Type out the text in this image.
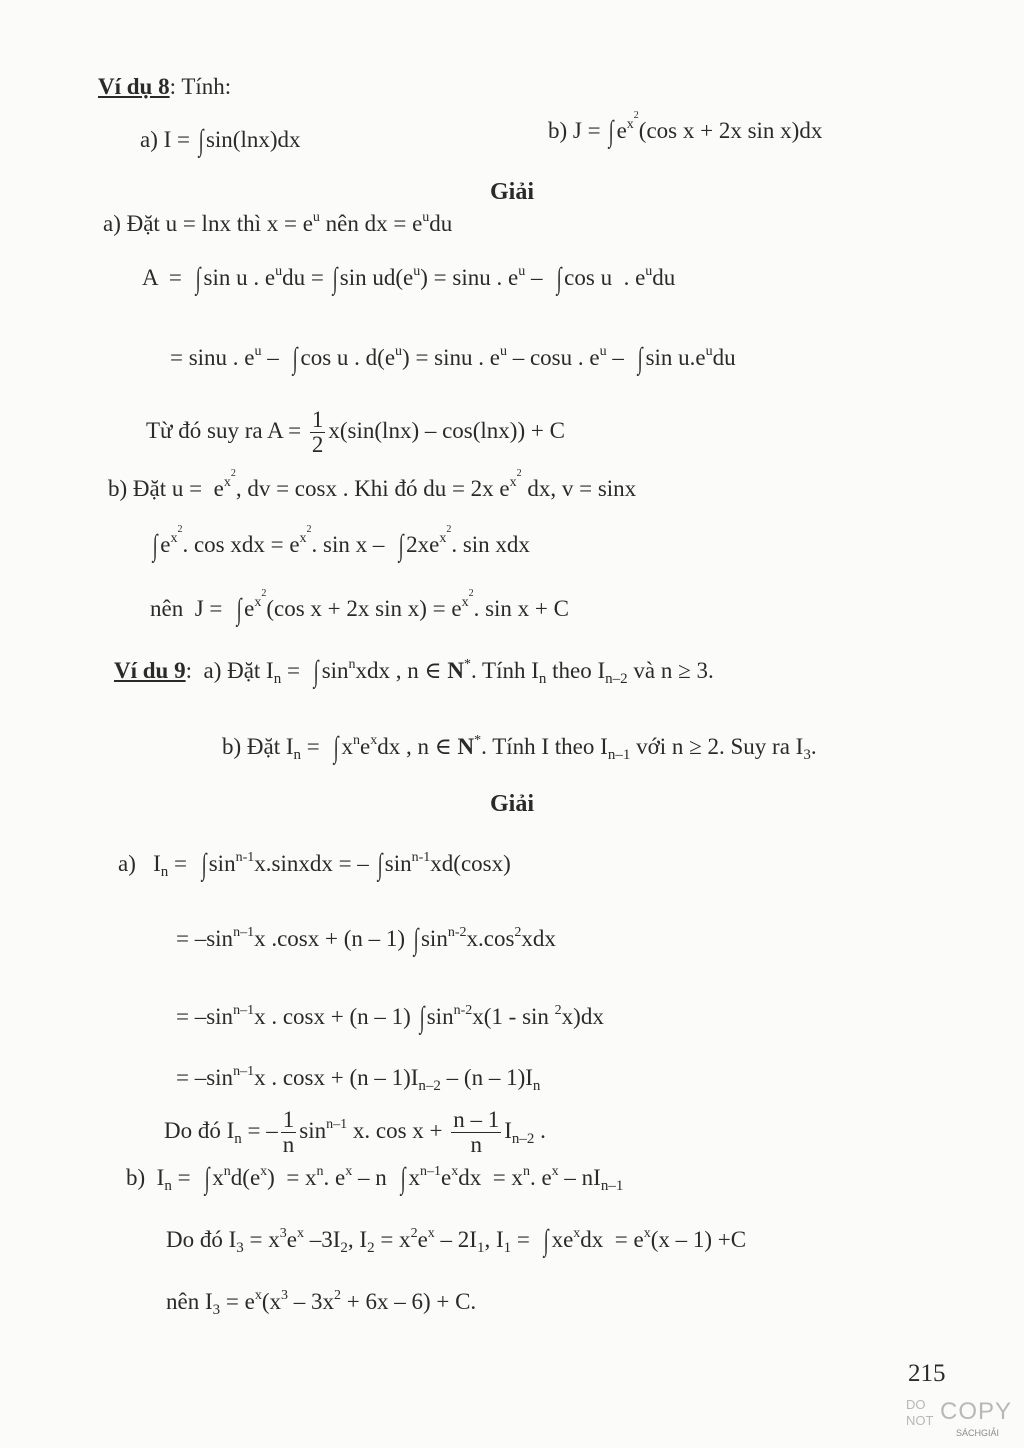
Ví dụ 8: Tính:
a) I = ∫ sin(lnx)dx	b) J = ∫ $e^{x^2}(\cos$ x + 2x sin x)dx
Giải
a) Đặt u = lnx thì $x = e^u$ nên dx = $e^udu$
A  =  ∫ sin u . $e^udu$ = ∫ $\sin ud(e^u) = \sin u$ . $e^u$ –  ∫ cos u  . $e^udu$
= sinu . $e^u$ –  ∫ cos u . $d(e^u) = \sin u$ . $e^u$ – cosu . $e^u$ –  ∫ $\sin u.e^udu$
Từ đó suy ra $A = \frac{1}{2} x(\sin(\ln x) - \cos(\ln x)) + C$
b) Đặt $u = e^{x^2}$, dv = cosx . Khi đó du = 2x $e^{x^2}$ dx, v = sinx
∫ $e^{x^2}$. cos xdx = $e^{x^2}$. sin x –  ∫ $2xe^{x^2}$. sin xdx
nên  J =  ∫ $e^{x^2}(\cos$ x + 2x $\sin x) = e^{x^2}$. sin x + C
Ví du 9:  a) Đặt $I_n$ =  ∫ $\sin^nxdx$ , n ∈ N*. Tính $I_n$ theo $I_{n-2}$ và n ≥ 3.
b) Đặt $I_n$ =  ∫ $x^ne^xdx$ , n ∈ N*. Tính I theo $I_{n-1}$ với n ≥ 2. Suy ra $I_3$.
Giải
a)   $I_n$ =  ∫ $\sin^{n-1}x.sinxdx$ = – ∫ $\sin^{n-1}xd(\cos x)$
= $-\sin^{n-1}x$ .cosx + (n – 1) ∫ $\sin^{n-2}x.\cos^2xdx$
= $-\sin^{n-1}x$ . cosx + (n – 1) ∫ $\sin^{n-2}x(1$ - sin $^2$x)dx
= $-\sin^{n-1}x$ . $\cos x + (n - 1)I_{n-2} - (n - 1)I_n$
Do đó $I_n$ = – $\frac{1}{n} \sin^{n-1} x$. $\cos x + \frac{n - 1}{n} I_{n-2}$ .
b)  $I_n$ =  ∫ $x^nd(e^x) = x^n$. $e^x$ – n  ∫ $x^{n-1}e^xdx = x^n$. $e^x - nI_{n-1}$
Do đó $I_3 = x^3e^x$ $-3I_2$, $I_2 = x^2e^x - 2I_1$, $I_1$ =  ∫ $xe^xdx = e^x(x - 1) +C$
nên $I_3 = e^x(x^3 - 3x^2 + 6x - 6) + C$.
215
DO
NOT COPY
SÁCHGIẢI
